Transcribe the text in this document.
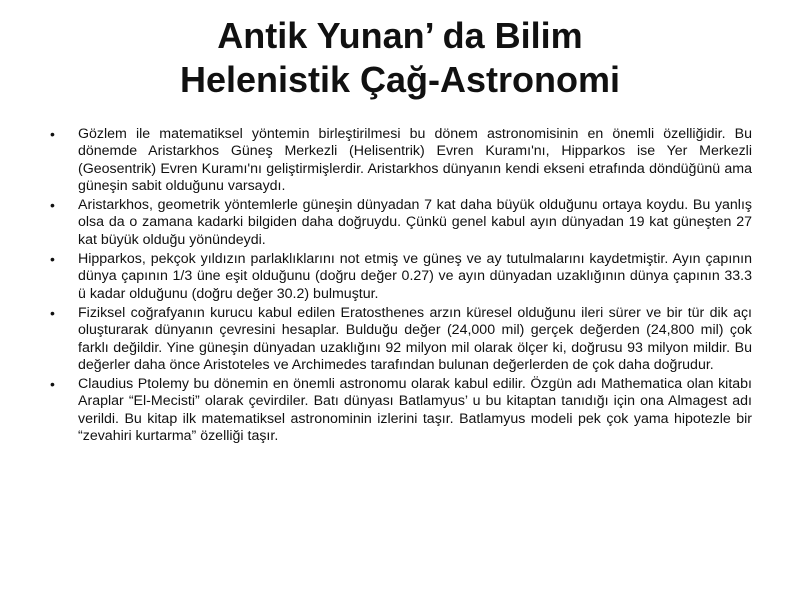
Antik Yunan’ da Bilim
Helenistik Çağ-Astronomi
•	Gözlem ile matematiksel yöntemin birleştirilmesi bu dönem astronomisinin en önemli özelliğidir. Bu dönemde Aristarkhos Güneş Merkezli (Helisentrik) Evren Kuramı'nı, Hipparkos ise Yer Merkezli (Geosentrik) Evren Kuramı'nı geliştirmişlerdir. Aristarkhos dünyanın kendi ekseni etrafında döndüğünü ama güneşin sabit olduğunu varsaydı.
•	Aristarkhos, geometrik yöntemlerle güneşin dünyadan 7 kat daha büyük olduğunu ortaya koydu. Bu yanlış olsa da o zamana kadarki bilgiden daha doğruydu. Çünkü genel kabul ayın dünyadan 19 kat güneşten 27 kat büyük olduğu yönündeydi.
•	Hipparkos, pekçok yıldızın parlaklıklarını not etmiş ve güneş ve ay tutulmalarını kaydetmiştir. Ayın çapının dünya çapının 1/3 üne eşit olduğunu (doğru değer 0.27) ve ayın dünyadan uzaklığının dünya çapının 33.3 ü kadar olduğunu (doğru değer 30.2) bulmuştur.
•	Fiziksel coğrafyanın kurucu kabul edilen Eratosthenes arzın küresel olduğunu ileri sürer ve bir tür dik açı oluşturarak dünyanın çevresini hesaplar. Bulduğu değer (24,000 mil) gerçek değerden (24,800 mil) çok farklı değildir. Yine güneşin dünyadan uzaklığını 92 milyon mil olarak ölçer ki, doğrusu 93 milyon mildir. Bu değerler daha önce Aristoteles ve Archimedes tarafından bulunan değerlerden de çok daha doğrudur.
•	Claudius Ptolemy bu dönemin en önemli astronomu olarak kabul edilir. Özgün adı Mathematica olan kitabı Araplar “El-Mecisti” olarak çevirdiler. Batı dünyası Batlamyus’ u bu kitaptan tanıdığı için ona Almagest adı verildi. Bu kitap ilk matematiksel astronominin izlerini taşır. Batlamyus modeli pek çok yama hipotezle bir “zevahiri kurtarma” özelliği taşır.
